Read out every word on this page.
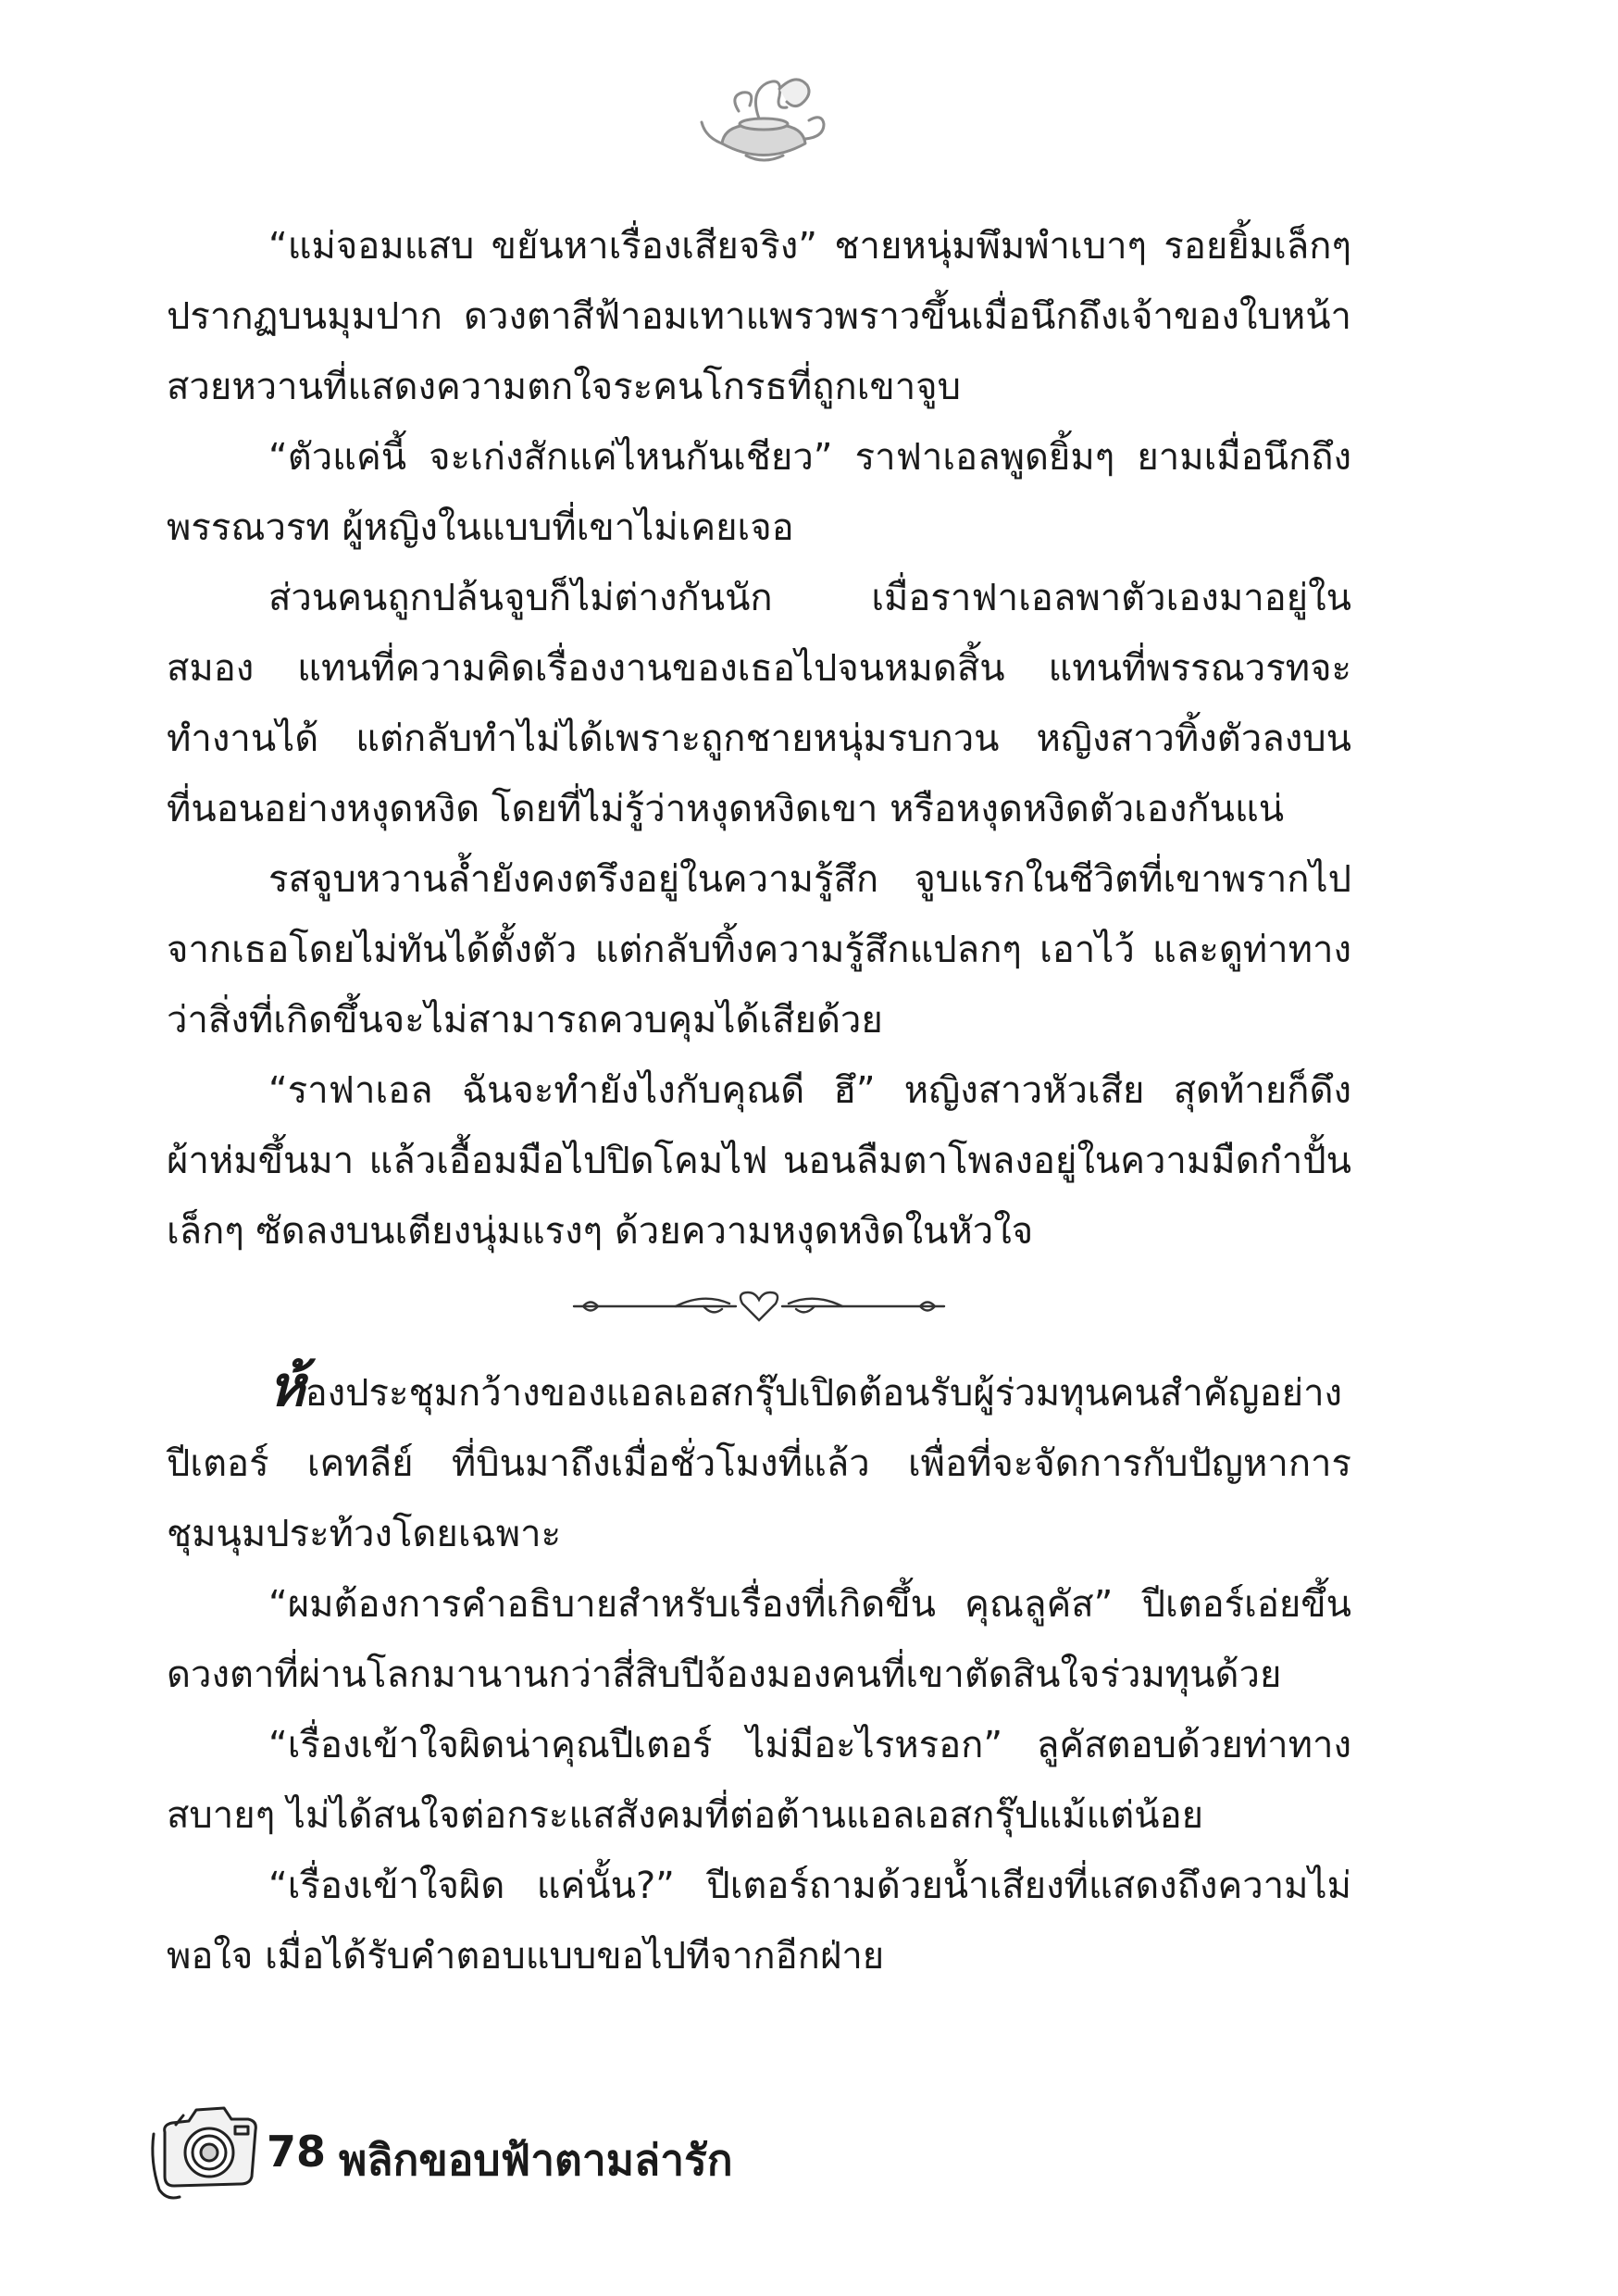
“แม่จอมแสบ ขยันหาเรื่องเสียจริง” ชายหนุ่มพึมพำเบาๆ รอยยิ้มเล็กๆ ปรากฏบนมุมปาก ดวงตาสีฟ้าอมเทาแพรวพราวขึ้นเมื่อนึกถึงเจ้าของใบหน้าสวยหวานที่แสดงความตกใจระคนโกรธที่ถูกเขาจูบ

“ตัวแค่นี้ จะเก่งสักแค่ไหนกันเชียว” ราฟาเอลพูดยิ้มๆ ยามเมื่อนึกถึงพรรณวรท ผู้หญิงในแบบที่เขาไม่เคยเจอ

ส่วนคนถูกปล้นจูบก็ไม่ต่างกันนัก เมื่อราฟาเอลพาตัวเองมาอยู่ในสมอง แทนที่ความคิดเรื่องงานของเธอไปจนหมดสิ้น แทนที่พรรณวรทจะทำงานได้ แต่กลับทำไม่ได้เพราะถูกชายหนุ่มรบกวน หญิงสาวทิ้งตัวลงบนที่นอนอย่างหงุดหงิด โดยที่ไม่รู้ว่าหงุดหงิดเขา หรือหงุดหงิดตัวเองกันแน่

รสจูบหวานล้ำยังคงตรึงอยู่ในความรู้สึก จูบแรกในชีวิตที่เขาพรากไปจากเธอโดยไม่ทันได้ตั้งตัว แต่กลับทิ้งความรู้สึกแปลกๆ เอาไว้ และดูท่าทางว่าสิ่งที่เกิดขึ้นจะไม่สามารถควบคุมได้เสียด้วย

“ราฟาเอล ฉันจะทำยังไงกับคุณดี ฮึ” หญิงสาวหัวเสีย สุดท้ายก็ดึงผ้าห่มขึ้นมา แล้วเอื้อมมือไปปิดโคมไฟ นอนลืมตาโพลงอยู่ในความมืดกำปั้นเล็กๆ ซัดลงบนเตียงนุ่มแรงๆ ด้วยความหงุดหงิดในหัวใจ

ห้องประชุมกว้างของแอลเอสกรุ๊ปเปิดต้อนรับผู้ร่วมทุนคนสำคัญอย่าง ปีเตอร์ เคทลีย์ ที่บินมาถึงเมื่อชั่วโมงที่แล้ว เพื่อที่จะจัดการกับปัญหาการชุมนุมประท้วงโดยเฉพาะ

“ผมต้องการคำอธิบายสำหรับเรื่องที่เกิดขึ้น คุณลูคัส” ปีเตอร์เอ่ยขึ้น ดวงตาที่ผ่านโลกมานานกว่าสี่สิบปีจ้องมองคนที่เขาตัดสินใจร่วมทุนด้วย

“เรื่องเข้าใจผิดน่าคุณปีเตอร์ ไม่มีอะไรหรอก” ลูคัสตอบด้วยท่าทางสบายๆ ไม่ได้สนใจต่อกระแสสังคมที่ต่อต้านแอลเอสกรุ๊ปแม้แต่น้อย

“เรื่องเข้าใจผิด แค่นั้น?” ปีเตอร์ถามด้วยน้ำเสียงที่แสดงถึงความไม่พอใจ เมื่อได้รับคำตอบแบบขอไปทีจากอีกฝ่าย

78 พลิกขอบฟ้าตามล่ารัก
